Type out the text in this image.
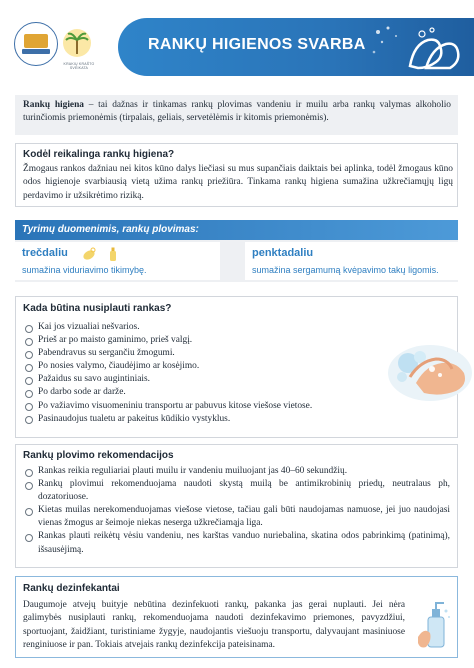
KRAKIŲ KRAŠTO SVEIKATA
RANKŲ HIGIENOS SVARBA
Rankų higiena – tai dažnas ir tinkamas rankų plovimas vandeniu ir muilu arba rankų valymas alkoholio turinčiomis priemonėmis (tirpalais, geliais, servetėlėmis ir kitomis priemonėmis).
Kodėl reikalinga rankų higiena?
Žmogaus rankos dažniau nei kitos kūno dalys liečiasi su mus supančiais daiktais bei aplinka, todėl žmogaus kūno odos higienoje svarbiausią vietą užima rankų priežiūra. Tinkama rankų higiena sumažina užkrečiamųjų ligų perdavimo ir užsikrėtimo riziką.
Tyrimų duomenimis, rankų plovimas:
trečdaliu
sumažina viduriavimo tikimybę.
penktadaliu
sumažina sergamumą kvėpavimo takų ligomis.
Kada būtina nusiplauti rankas?
Kai jos vizualiai nešvarios.
Prieš ar po maisto gaminimo, prieš valgį.
Pabendravus su sergančiu žmogumi.
Po nosies valymo, čiaudėjimo ar kosėjimo.
Pažaidus su savo augintiniais.
Po darbo sode ar darže.
Po važiavimo visuomeniniu transportu ar pabuvus kitose viešose vietose.
Pasinaudojus tualetu ar pakeitus kūdikio vystyklus.
Rankų plovimo rekomendacijos
Rankas reikia reguliariai plauti muilu ir vandeniu muiluojant jas 40–60 sekundžių.
Rankų plovimui rekomenduojama naudoti skystą muilą be antimikrobinių priedų, neutralaus ph, dozatoriuose.
Kietas muilas nerekomenduojamas viešose vietose, tačiau gali būti naudojamas namuose, jei juo naudojasi vienas žmogus ar šeimoje niekas neserga užkrečiamąja liga.
Rankas plauti reikėtų vėsiu vandeniu, nes karštas vanduo nuriebalina, skatina odos pabrinkimą (patinimą), išsausėjimą.
Rankų dezinfekantai
Daugumoje atvejų buityje nebūtina dezinfekuoti rankų, pakanka jas gerai nuplauti. Jei nėra galimybės nusiplauti rankų, rekomenduojama naudoti dezinfekavimo priemones, pavyzdžiui, sportuojant, žaidžiant, turistiniame žygyje, naudojantis viešuoju transportu, dalyvaujant masiniuose renginiuose ir pan. Tokiais atvejais rankų dezinfekcija pateisinama.
